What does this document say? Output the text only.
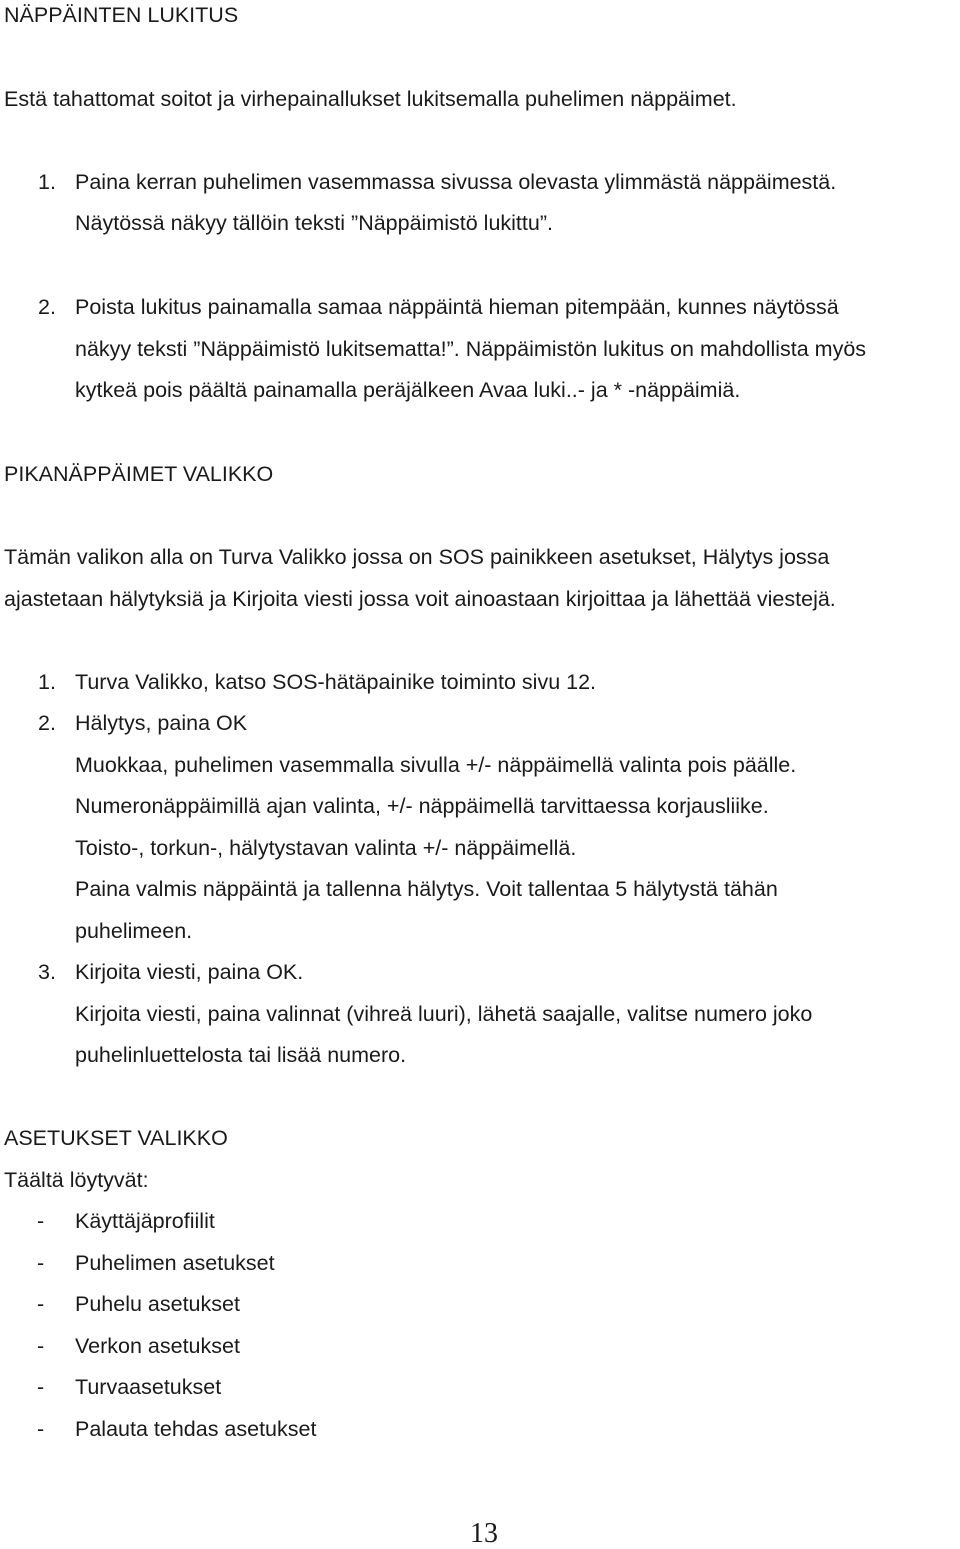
NÄPPÄINTEN LUKITUS
Estä tahattomat soitot ja virhepainallukset lukitsemalla puhelimen näppäimet.
1. Paina kerran puhelimen vasemmassa sivussa olevasta ylimmästä näppäimestä.
Näytössä näkyy tällöin teksti ”Näppäimistö lukittu”.
2. Poista lukitus painamalla samaa näppäintä hieman pitempään, kunnes näytössä
näkyy teksti ”Näppäimistö lukitsematta!”. Näppäimistön lukitus on mahdollista myös
kytkeä pois päältä painamalla peräjälkeen Avaa luki..- ja * -näppäimiä.
PIKANÄPPÄIMET VALIKKO
Tämän valikon alla on Turva Valikko jossa on SOS painikkeen asetukset, Hälytys jossa
ajastetaan hälytyksiä ja Kirjoita viesti jossa voit ainoastaan kirjoittaa ja lähettää viestejä.
1. Turva Valikko, katso SOS-hätäpainike toiminto sivu 12.
2. Hälytys, paina OK
Muokkaa, puhelimen vasemmalla sivulla +/- näppäimellä valinta pois päälle.
Numeronäppäimillä ajan valinta, +/- näppäimellä tarvittaessa korjausliike.
Toisto-, torkun-, hälytystavan valinta +/- näppäimellä.
Paina valmis näppäintä ja tallenna hälytys. Voit tallentaa 5 hälytystä tähän
puhelimeen.
3. Kirjoita viesti, paina OK.
Kirjoita viesti, paina valinnat (vihreä luuri), lähetä saajalle, valitse numero joko
puhelinluettelosta tai lisää numero.
ASETUKSET VALIKKO
Täältä löytyvät:
- Käyttäjäprofiilit
- Puhelimen asetukset
- Puhelu asetukset
- Verkon asetukset
- Turvaasetukset
- Palauta tehdas asetukset
13
